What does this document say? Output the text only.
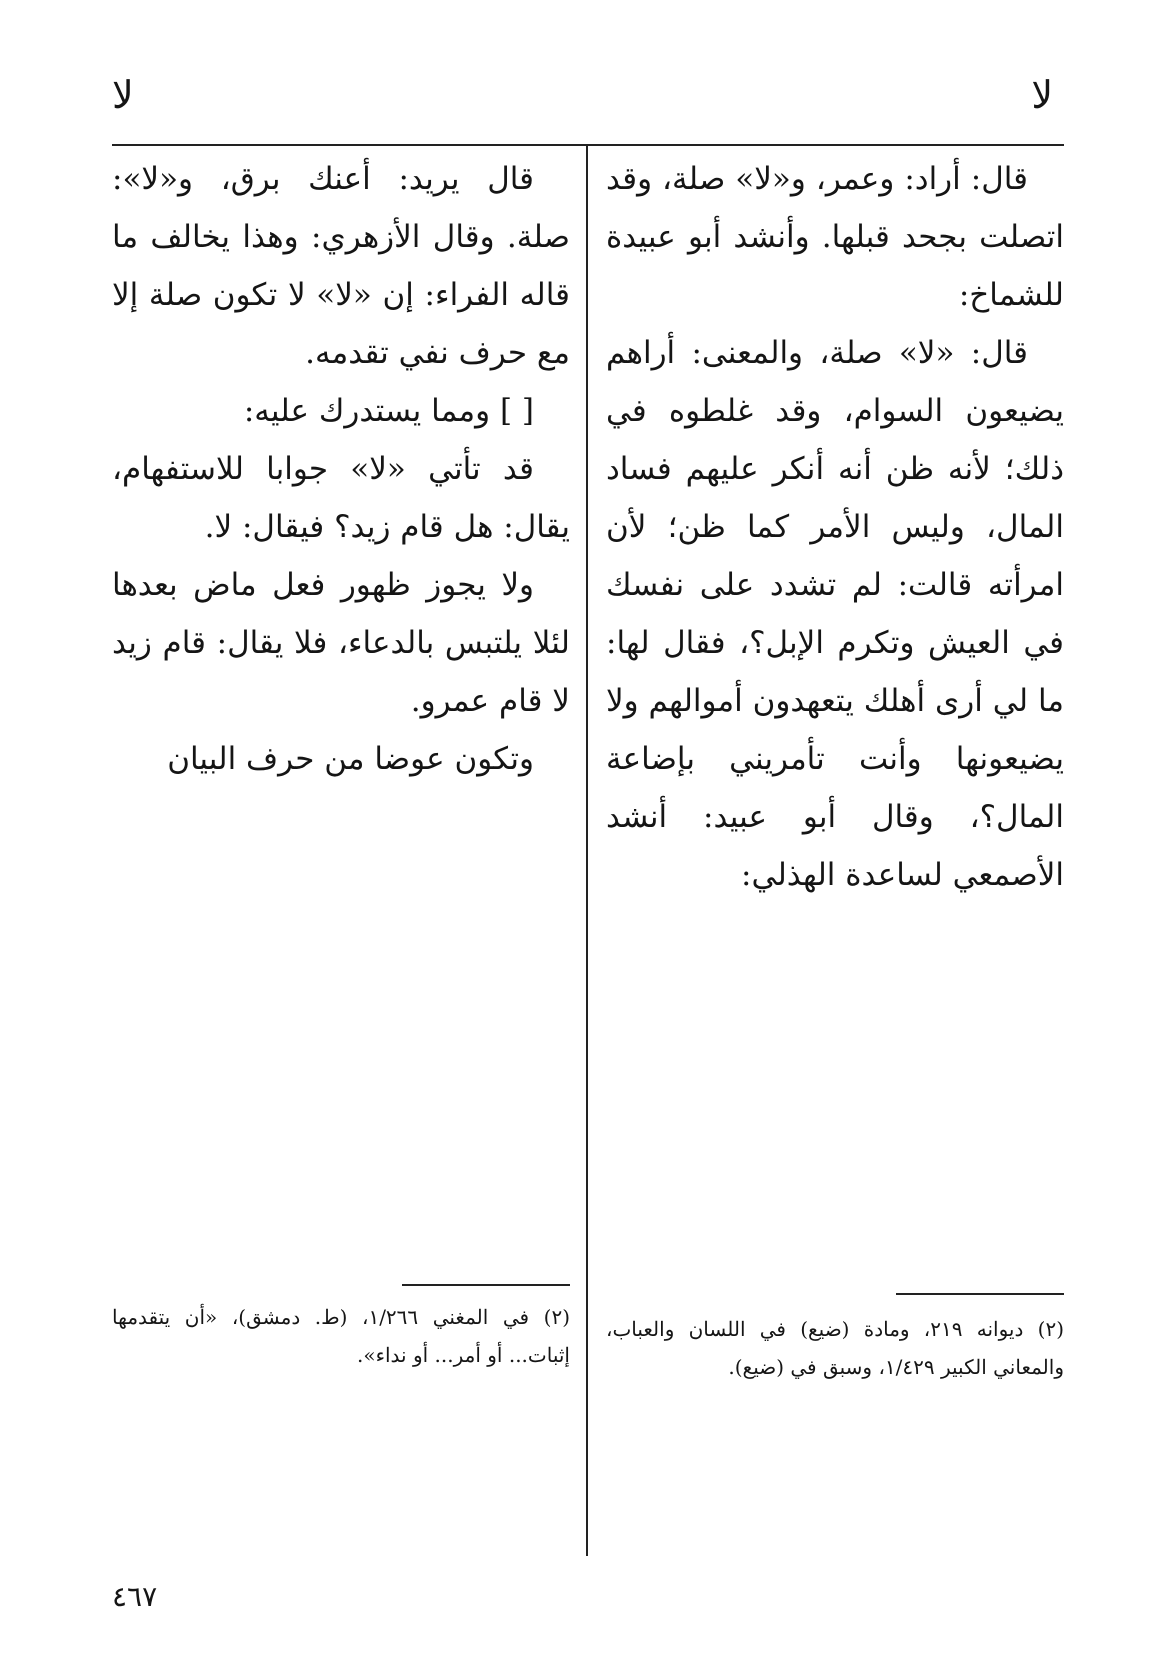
لا
لا

قال: أراد: وعمر، و«لا» صلة، وقد اتصلت بجحد قبلها. وأنشد أبو عبيدة للشماخ:

قال: «لا» صلة، والمعنى: أراهم يضيعون السوام، وقد غلطوه في ذلك؛ لأنه ظن أنه أنكر عليهم فساد المال، وليس الأمر كما ظن؛ لأن امرأته قالت: لم تشدد على نفسك في العيش وتكرم الإبل؟، فقال لها: ما لي أرى أهلك يتعهدون أموالهم ولا يضيعونها وأنت تأمريني بإضاعة المال؟، وقال أبو عبيد: أنشد الأصمعي لساعدة الهذلي:

قال يريد: أعنك برق، و«لا»: صلة. وقال الأزهري: وهذا يخالف ما قاله الفراء: إن «لا» لا تكون صلة إلا مع حرف نفي تقدمه.

[ ] ومما يستدرك عليه:

قد تأتي «لا» جوابا للاستفهام، يقال: هل قام زيد؟ فيقال: لا.

ولا يجوز ظهور فعل ماض بعدها لئلا يلتبس بالدعاء، فلا يقال: قام زيد لا قام عمرو.

وتكون عوضا من حرف البيان

(٢) ديوانه ٢١٩، ومادة (ضيع) في اللسان والعباب، والمعاني الكبير ١/٤٢٩، وسبق في (ضيع).

(٢) في المغني ١/٢٦٦، (ط. دمشق)، «أن يتقدمها إثبات... أو أمر... أو نداء».

٤٦٧
